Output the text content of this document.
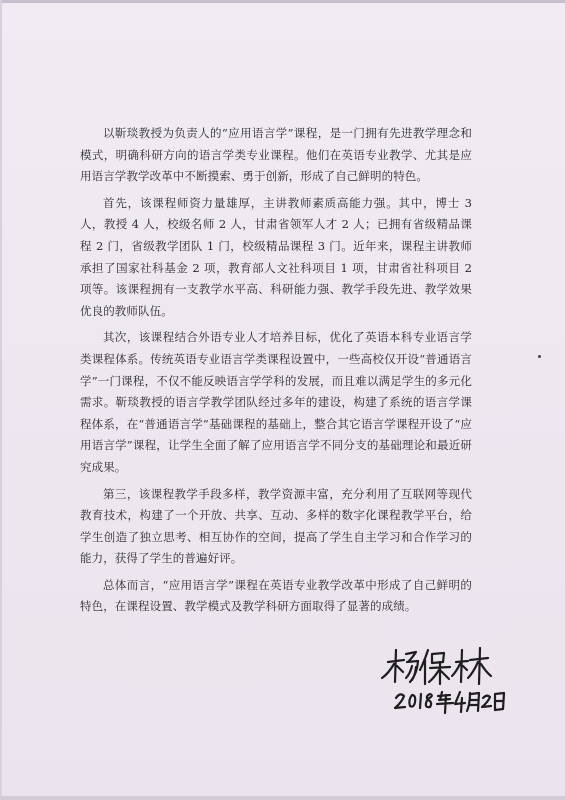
以靳琰教授为负责人的“应用语言学”课程，是一门拥有先进教学理念和模式，明确科研方向的语言学类专业课程。他们在英语专业教学、尤其是应用语言学教学改革中不断摸索、勇于创新，形成了自己鲜明的特色。

首先，该课程师资力量雄厚，主讲教师素质高能力强。其中，博士 3 人，教授 4 人，校级名师 2 人，甘肃省领军人才 2 人；已拥有省级精品课程 2 门，省级教学团队 1 门，校级精品课程 3 门。近年来，课程主讲教师承担了国家社科基金 2 项，教育部人文社科项目 1 项，甘肃省社科项目 2 项等。该课程拥有一支教学水平高、科研能力强、教学手段先进、教学效果优良的教师队伍。

其次，该课程结合外语专业人才培养目标，优化了英语本科专业语言学类课程体系。传统英语专业语言学类课程设置中，一些高校仅开设“普通语言学”一门课程，不仅不能反映语言学学科的发展，而且难以满足学生的多元化需求。靳琰教授的语言学教学团队经过多年的建设，构建了系统的语言学课程体系，在“普通语言学”基础课程的基础上，整合其它语言学课程开设了“应用语言学”课程，让学生全面了解了应用语言学不同分支的基础理论和最近研究成果。

第三，该课程教学手段多样，教学资源丰富，充分利用了互联网等现代教育技术，构建了一个开放、共享、互动、多样的数字化课程教学平台，给学生创造了独立思考、相互协作的空间，提高了学生自主学习和合作学习的能力，获得了学生的普遍好评。

总体而言，“应用语言学”课程在英语专业教学改革中形成了自己鲜明的特色，在课程设置、教学模式及教学科研方面取得了显著的成绩。
